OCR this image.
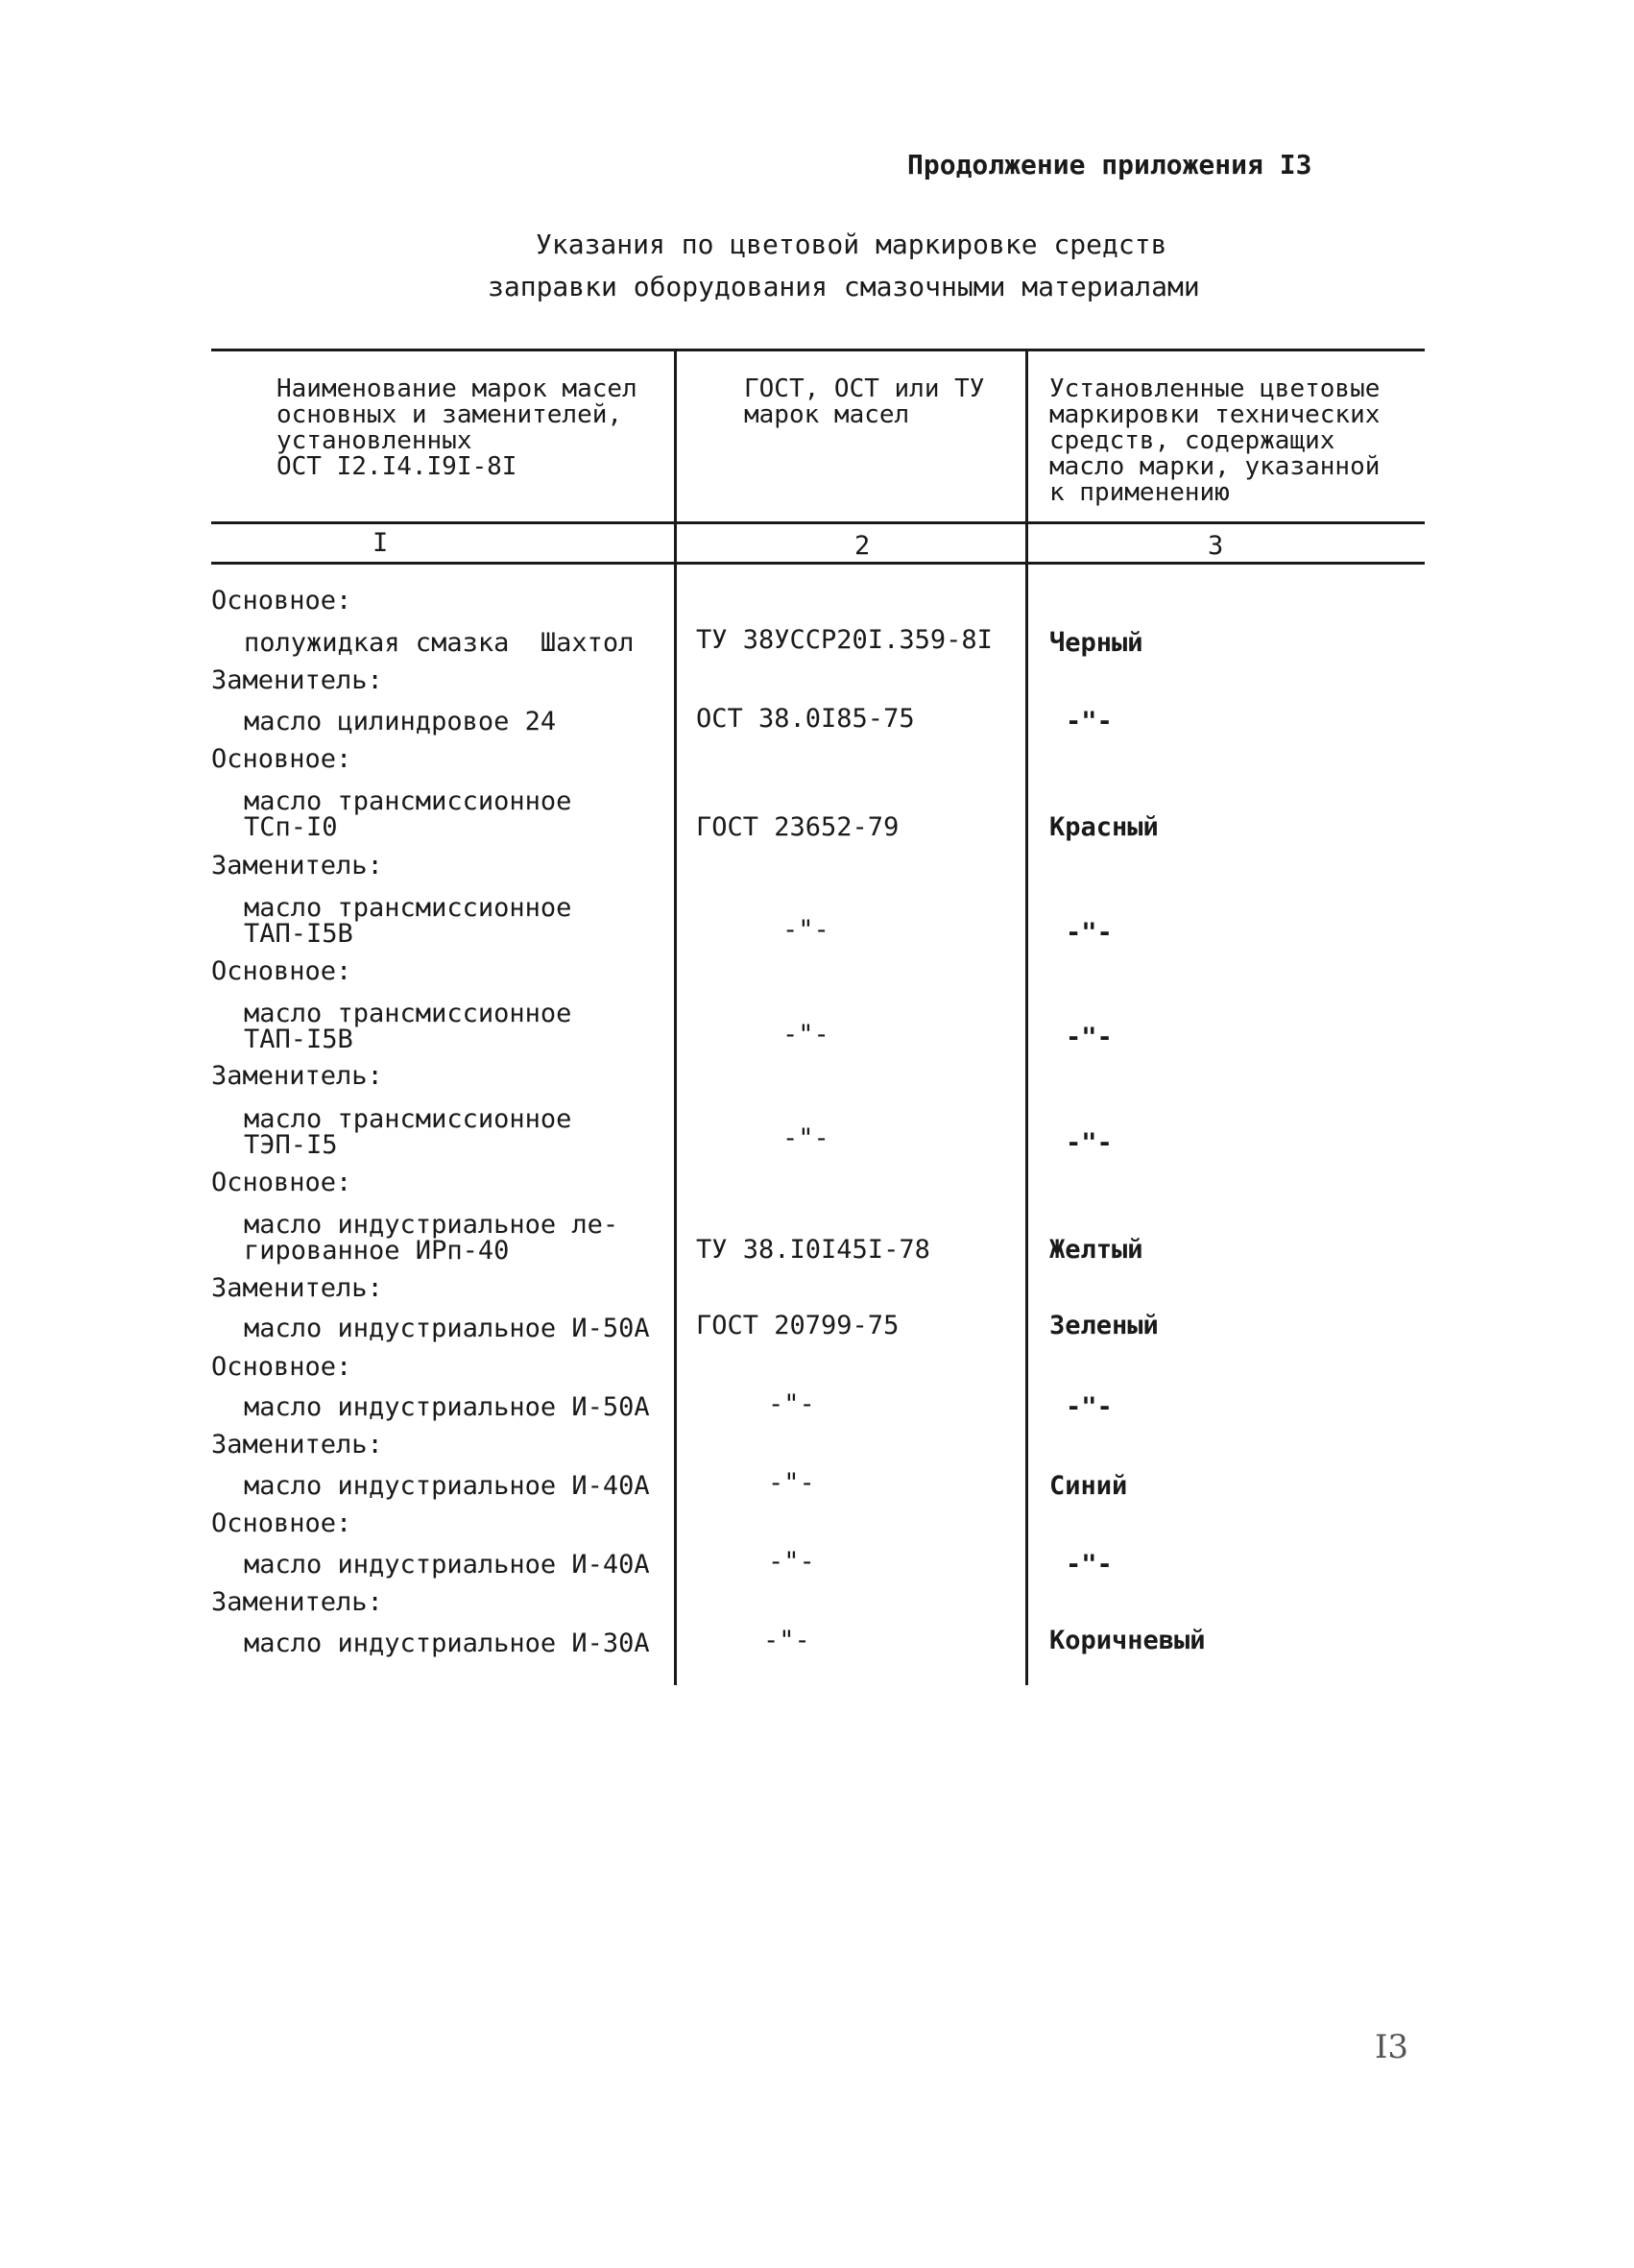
Продолжение приложения I3
Указания по цветовой маркировке средств
заправки оборудования смазочными материалами
Наименование марок масел
основных и заменителей,
установленных
ОСТ I2.I4.I9I-8I
ГОСТ, ОСТ или ТУ
марок масел
Установленные цветовые
маркировки технических
средств, содержащих
масло марки, указанной
к применению
I	2	3
Основное:
полужидкая смазка  Шахтол ТУ 38УССР20I.359-8I Черный
Заменитель:
масло цилиндровое 24	ОСТ 38.0I85-75	-"-
Основное:
масло трансмиссионное
ТСп-I0	ГОСТ 23652-79	Красный
Заменитель:
масло трансмиссионное
ТАП-I5В	-"-	-"-
Основное:
масло трансмиссионное
ТАП-I5В	-"-	-"-
Заменитель:
масло трансмиссионное
ТЭП-I5	-"-	-"-
Основное:
масло индустриальное ле-
гированное ИРп-40	ТУ 38.I0I45I-78	Желтый
Заменитель:
масло индустриальное И-50А ГОСТ 20799-75	Зеленый
Основное:
масло индустриальное И-50А	-"-	-"-
Заменитель:
масло индустриальное И-40А	-"-	Синий
Основное:
масло индустриальное И-40А	-"-	-"-
Заменитель:
масло индустриальное И-30А	-"-	Коричневый
I3
